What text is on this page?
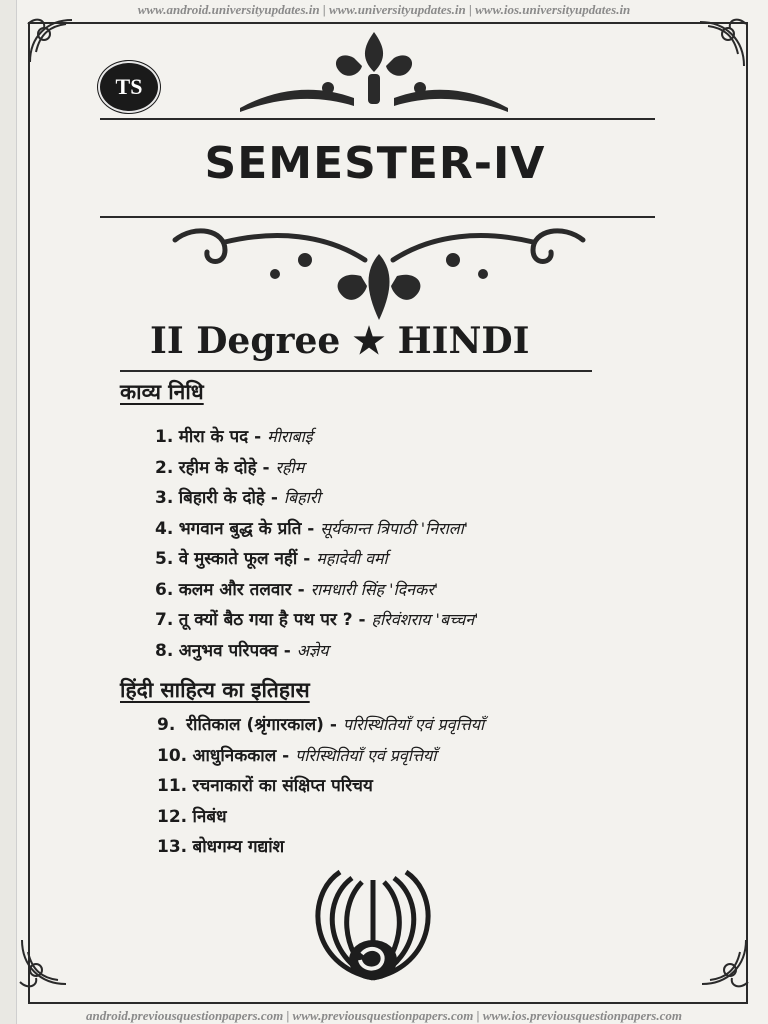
www.android.universityupdates.in | www.universityupdates.in | www.ios.universityupdates.in
TS
SEMESTER-IV
II Degree ★ HINDI
काव्य निधि
1. मीरा के पद - मीराबाई
2. रहीम के दोहे - रहीम
3. बिहारी के दोहे - बिहारी
4. भगवान बुद्ध के प्रति - सूर्यकान्त त्रिपाठी 'निराला'
5. वे मुस्काते फूल नहीं - महादेवी वर्मा
6. कलम और तलवार - रामधारी सिंह 'दिनकर'
7. तू क्यों बैठ गया है पथ पर ? - हरिवंशराय 'बच्चन'
8. अनुभव परिपक्व - अज्ञेय
हिंदी साहित्य का इतिहास
9. रीतिकाल (श्रृंगारकाल) - परिस्थितियाँ एवं प्रवृत्तियाँ
10. आधुनिककाल - परिस्थितियाँ एवं प्रवृत्तियाँ
11. रचनाकारों का संक्षिप्त परिचय
12. निबंध
13. बोधगम्य गद्यांश
android.previousquestionpapers.com | www.previousquestionpapers.com | www.ios.previousquestionpapers.com
